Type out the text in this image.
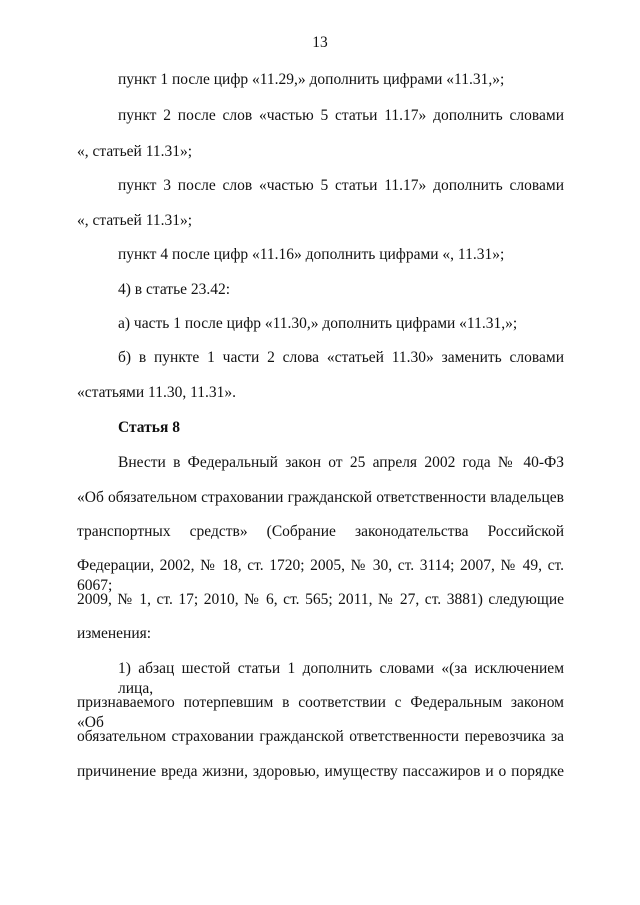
13
пункт 1 после цифр «11.29,» дополнить цифрами «11.31,»;
пункт 2 после слов «частью 5 статьи 11.17» дополнить словами
«, статьей 11.31»;
пункт 3 после слов «частью 5 статьи 11.17» дополнить словами
«, статьей 11.31»;
пункт 4 после цифр «11.16» дополнить цифрами «, 11.31»;
4) в статье 23.42:
а) часть 1 после цифр «11.30,» дополнить цифрами «11.31,»;
б) в пункте 1 части 2 слова «статьей 11.30» заменить словами
«статьями 11.30, 11.31».
Статья 8
Внести в Федеральный закон от 25 апреля 2002 года № 40-ФЗ
«Об обязательном страховании гражданской ответственности владельцев
транспортных средств» (Собрание законодательства Российской
Федерации, 2002, № 18, ст. 1720; 2005, № 30, ст. 3114; 2007, № 49, ст. 6067;
2009, № 1, ст. 17; 2010, № 6, ст. 565; 2011, № 27, ст. 3881) следующие
изменения:
1) абзац шестой статьи 1 дополнить словами «(за исключением лица,
признаваемого потерпевшим в соответствии с Федеральным законом «Об
обязательном страховании гражданской ответственности перевозчика за
причинение вреда жизни, здоровью, имуществу пассажиров и о порядке
